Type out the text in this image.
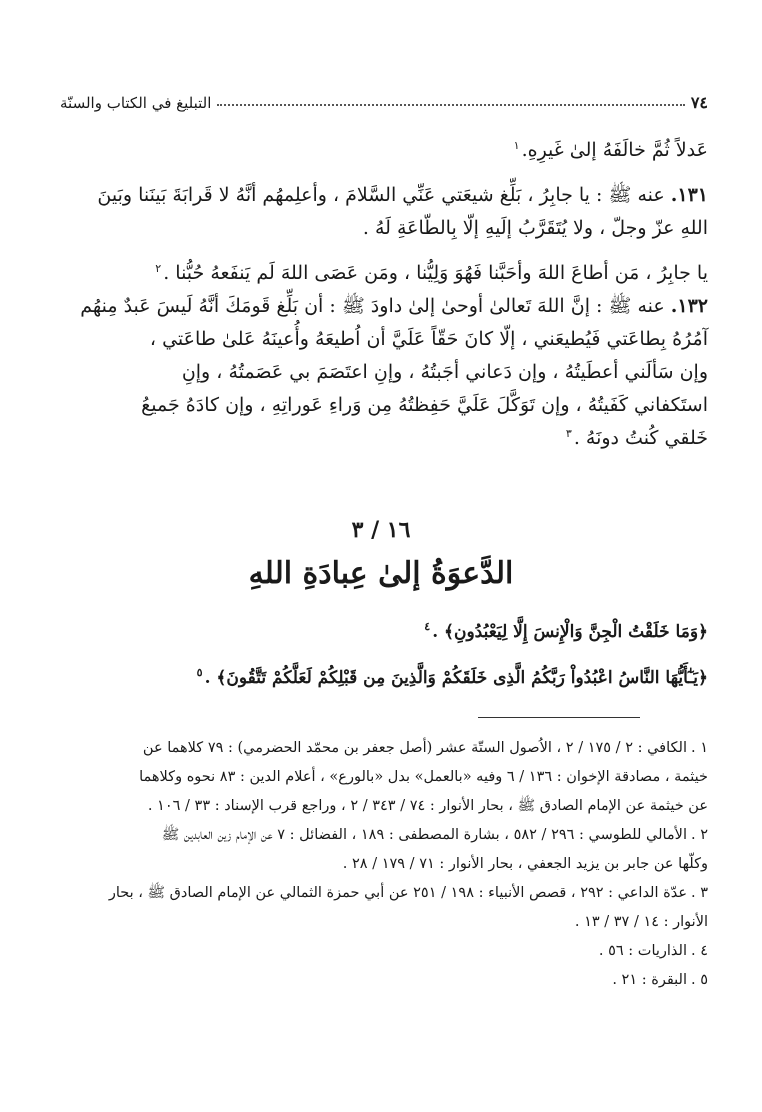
٧٤
التبليغ في الكتاب والسنّة
عَدلاً ثُمَّ خالَفَهُ إلىٰ غَيرِهِ.$^١$
١٣١. عنه ﷺ : يا جابِرُ ، بَلِّغ شيعَتي عَنِّي السَّلامَ ، وأعلِمهُم أنَّهُ لا قَرابَةَ بَينَنا وبَينَ
اللهِ عزّ وجلّ ، ولا يُتَقَرَّبُ إلَيهِ إلّا بِالطّاعَةِ لَهُ .
يا جابِرُ ، مَن أطاعَ اللهَ وأحَبَّنا فَهُوَ وَلِيُّنا ، ومَن عَصَى اللهَ لَم يَنفَعهُ حُبُّنا .$^٢$
١٣٢. عنه ﷺ : إنَّ اللهَ تَعالىٰ أوحىٰ إلىٰ داودَ ﷺ : أن بَلِّغ قَومَكَ أنَّهُ لَيسَ عَبدٌ مِنهُم
آمُرُهُ بِطاعَتي فَيُطيعَني ، إلّا كانَ حَقّاً عَلَيَّ أن اُطيعَهُ وأُعينَهُ عَلىٰ طاعَتي ،
وإن سَألَني أعطَيتُهُ ، وإن دَعاني أجَبتُهُ ، وإنِ اعتَصَمَ بي عَصَمتُهُ ، وإنِ
استَكفاني كَفَيتُهُ ، وإن تَوَكَّلَ عَلَيَّ حَفِظتُهُ مِن وَراءِ عَوراتِهِ ، وإن كادَهُ جَميعُ
خَلقي كُنتُ دونَهُ .$^٣$
١٦ / ٣
الدَّعوَةُ إلىٰ عِبادَةِ اللهِ
﴿وَمَا خَلَقْتُ الْجِنَّ وَالْإِنسَ إِلَّا لِيَعْبُدُونِ﴾ .$^٤$
﴿يَـٰٓأَيُّهَا النَّاسُ اعْبُدُواْ رَبَّكُمُ الَّذِى خَلَقَكُمْ وَالَّذِينَ مِن قَبْلِكُمْ لَعَلَّكُمْ تَتَّقُونَ﴾ .$^٥$
١ .الكافي : ٢ / ١٧٥ / ٢ ، الاُصول الستّة عشر (أصل جعفر بن محمّد الحضرمي) : ٧٩ كلاهما عن
خيثمة ، مصادقة الإخوان : ١٣٦ / ٦ وفيه «بالعمل» بدل «بالورع» ، أعلام الدين : ٨٣ نحوه وكلاهما
عن خيثمة عن الإمام الصادق ﷺ ، بحار الأنوار : ٧٤ / ٣٤٣ / ٢ ، وراجع قرب الإسناد : ٣٣ / ١٠٦ .
٢ .الأمالي للطوسي : ٢٩٦ / ٥٨٢ ، بشارة المصطفى : ١٨٩ ، الفضائل : ٧ عن الإمام زين العابدين ﷺ
وكلّها عن جابر بن يزيد الجعفي ، بحار الأنوار : ٧١ / ١٧٩ / ٢٨ .
٣ .عدّة الداعي : ٢٩٢ ، قصص الأنبياء : ١٩٨ / ٢٥١ عن أبي حمزة الثمالي عن الإمام الصادق ﷺ ، بحار
الأنوار : ١٤ / ٣٧ / ١٣ .
٤ .الذاريات : ٥٦ .
٥ .البقرة : ٢١ .
